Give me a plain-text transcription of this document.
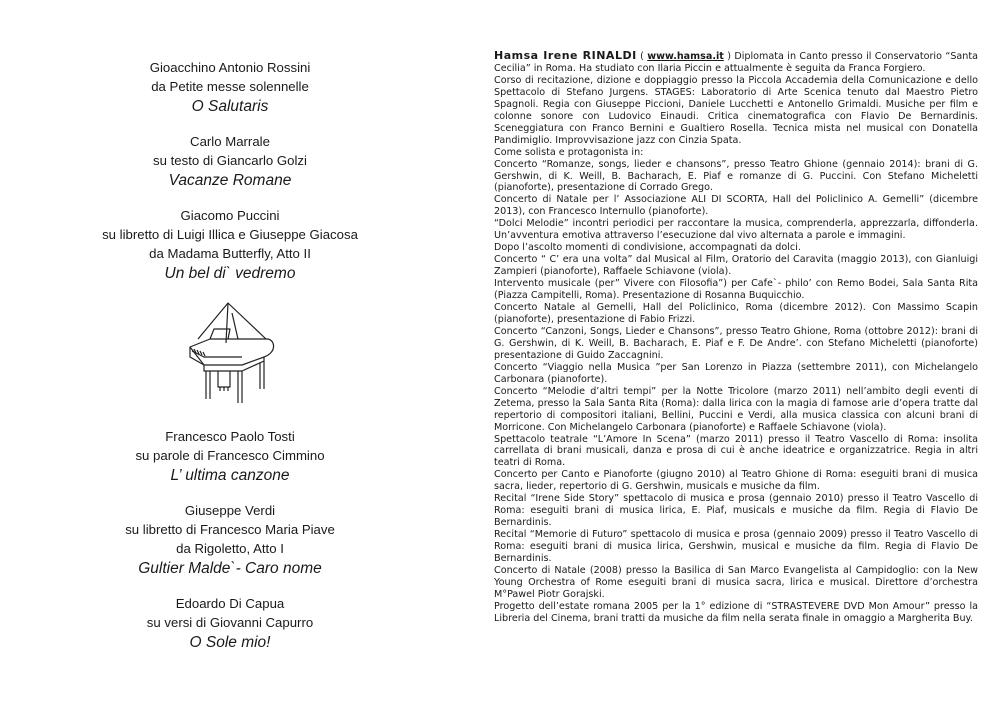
Gioacchino Antonio Rossini
da Petite messe solennelle
O Salutaris
Carlo Marrale
su testo di Giancarlo Golzi
Vacanze Romane
Giacomo Puccini
su libretto di Luigi Illica e Giuseppe Giacosa
da Madama Butterfly, Atto II
Un bel di` vedremo
Francesco Paolo Tosti
su parole di Francesco Cimmino
L’ ultima canzone
Giuseppe Verdi
su libretto di Francesco Maria Piave
da Rigoletto, Atto I
Gultier Malde`- Caro nome
Edoardo Di Capua
su versi di Giovanni Capurro
O Sole mio!

Hamsa Irene RINALDI ( www.hamsa.it ) Diplomata in Canto presso il Conservatorio “Santa Cecilia” in Roma. Ha studiato con Ilaria Piccin e attualmente è seguita da Franca Forgiero.

Corso di recitazione, dizione e doppiaggio presso la Piccola Accademia della Comunicazione e dello Spettacolo di Stefano Jurgens. STAGES: Laboratorio di Arte Scenica tenuto dal Maestro Pietro Spagnoli. Regia con Giuseppe Piccioni, Daniele Lucchetti e Antonello Grimaldi. Musiche per film e colonne sonore con Ludovico Einaudi. Critica cinematografica con Flavio De Bernardinis. Sceneggiatura con Franco Bernini e Gualtiero Rosella. Tecnica mista nel musical con Donatella Pandimiglio. Improvvisazione jazz con Cinzia Spata.

Come solista e protagonista in:

Concerto “Romanze, songs, lieder e chansons”, presso Teatro Ghione (gennaio 2014): brani di G. Gershwin, di K. Weill, B. Bacharach, E. Piaf e romanze di G. Puccini. Con Stefano Micheletti (pianoforte), presentazione di Corrado Grego.

Concerto di Natale per l’ Associazione ALI DI SCORTA, Hall del Policlinico A. Gemelli” (dicembre 2013), con Francesco Internullo (pianoforte).

“Dolci Melodie” incontri periodici per raccontare la musica, comprenderla, apprezzarla, diffonderla. Un’avventura emotiva attraverso l’esecuzione dal vivo alternata a parole e immagini.

Dopo l’ascolto momenti di condivisione, accompagnati da dolci.

Concerto “ C’ era una volta” dal Musical al Film, Oratorio del Caravita (maggio 2013), con Gianluigi Zampieri (pianoforte), Raffaele Schiavone (viola).

Intervento musicale (per” Vivere con Filosofia”) per Cafe`- philo’ con Remo Bodei, Sala Santa Rita (Piazza Campitelli, Roma). Presentazione di Rosanna Buquicchio.

Concerto Natale al Gemelli, Hall del Policlinico, Roma (dicembre 2012). Con Massimo Scapin (pianoforte), presentazione di Fabio Frizzi.

Concerto “Canzoni, Songs, Lieder e Chansons”, presso Teatro Ghione, Roma (ottobre 2012): brani di G. Gershwin, di K. Weill, B. Bacharach, E. Piaf e F. De Andre’. con Stefano Micheletti (pianoforte) presentazione di Guido Zaccagnini.

Concerto “Viaggio nella Musica ”per San Lorenzo in Piazza (settembre 2011), con Michelangelo Carbonara (pianoforte).

Concerto “Melodie d’altri tempi” per la Notte Tricolore (marzo 2011) nell’ambito degli eventi di Zetema, presso la Sala Santa Rita (Roma): dalla lirica con la magia di famose arie d’opera tratte dal repertorio di compositori italiani, Bellini, Puccini e Verdi, alla musica classica con alcuni brani di Morricone. Con Michelangelo Carbonara (pianoforte) e Raffaele Schiavone (viola).

Spettacolo teatrale “L’Amore In Scena” (marzo 2011) presso il Teatro Vascello di Roma: insolita carrellata di brani musicali, danza e prosa di cui è anche ideatrice e organizzatrice. Regia in altri teatri di Roma.

Concerto per Canto e Pianoforte (giugno 2010) al Teatro Ghione di Roma: eseguiti brani di musica sacra, lieder, repertorio di G. Gershwin, musicals e musiche da film.

Recital “Irene Side Story” spettacolo di musica e prosa (gennaio 2010) presso il Teatro Vascello di Roma: eseguiti brani di musica lirica, E. Piaf, musicals e musiche da film. Regia di Flavio De Bernardinis.

Recital “Memorie di Futuro” spettacolo di musica e prosa (gennaio 2009) presso il Teatro Vascello di Roma: eseguiti brani di musica lirica, Gershwin, musical e musiche da film. Regia di Flavio De Bernardinis.

Concerto di Natale (2008) presso la Basilica di San Marco Evangelista al Campidoglio: con la New Young Orchestra of Rome eseguiti brani di musica sacra, lirica e musical. Direttore d’orchestra M°Pawel Piotr Gorajski.

Progetto dell’estate romana 2005 per la 1° edizione di “STRASTEVERE DVD Mon Amour” presso la Libreria del Cinema, brani tratti da musiche da film nella serata finale in omaggio a Margherita Buy.
